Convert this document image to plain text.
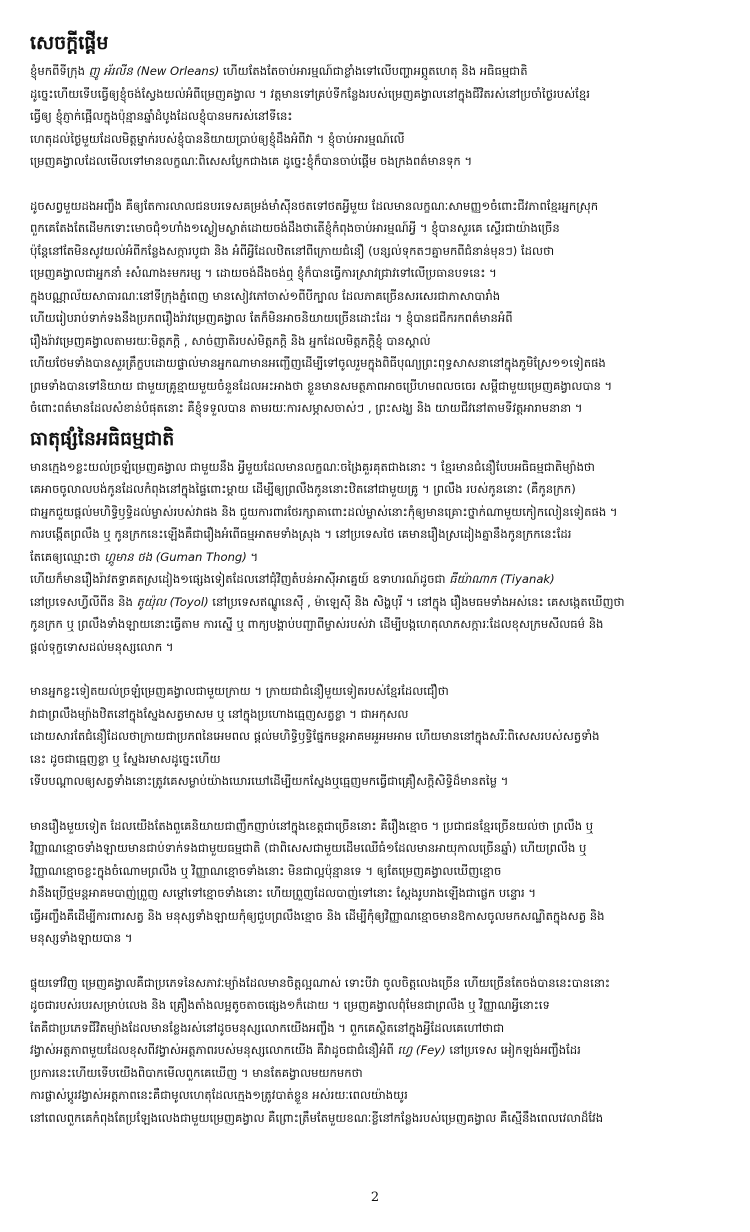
សេចក្ដីផ្ដើម
ខ្ញុំមកពីទីក្រុង ញូ អ័រលីន (New Orleans) ហើយតែងតែចាប់អារម្មណ៍ជាខ្លាំងទៅលើបញ្ហាអព្ភូតហេតុ និង អធិធម្មជាតិ
ដូច្នេះហើយទើបធ្វើឲ្យខ្ញុំចង់ស្វែងយល់អំពីម្រេញគង្វាល ។ វត្តមានទៅគ្រប់ទីកន្លែងរបស់ម្រេញគង្វាលនៅក្នុងជីវិតរស់នៅប្រចាំថ្ងៃរបស់ខ្មែរ
ធ្វើឲ្យ ខ្ញុំភ្ញាក់ផ្អើលក្នុងប៉ុន្មានឆ្នាំដំបូងដែលខ្ញុំបានមករស់នៅទីនេះ
ហេតុដល់ថ្ងៃមួយដែលមិត្តម្នាក់របស់ខ្ញុំបាននិយាយប្រាប់ឲ្យខ្ញុំដឹងអំពីវា ។ ខ្ញុំចាប់អារម្មណ៍លើ
ម្រេញគង្វាលដែលមើលទៅមានលក្ខណៈពិសេសប្លែកជាងគេ ដូច្នេះខ្ញុំក៏បានចាប់ផ្ដើម ចងក្រងពត៌មានទុក ។
ដូចសព្វមួយដងអញ្ចឹង គឺឲ្យតែការលាលជនបរទេសគម្រង់មាំសុីនថតទៅថតអ្វីមួយ ដែលមានលក្ខណៈសាមញ្ញ១ចំពោះជីវភាពខ្មែរអ្នកស្រុក
ពួកគេតែងតែដើមកទោះមោចជុំ១ហាំង១ស្ងៀមស្ងាត់ដោយចង់ដឹងថាតើខ្ញុំកំពុងចាប់អារម្មណ៍អ្វី ។ ខ្ញុំបានសួរគេ ស្ទើរជាយ៉ាងច្រើន
ប៉ុន្តែនៅតែមិនសូវយល់អំពីកន្លែងសក្ការបូជា និង អំពីអ្វីដែលឋិតនៅពីក្រោយជំនឿ (បន្សល់ទុកតៗគ្នាមកពីជំនាន់មុនៗ) ដែលថា
ម្រេញគង្វាលជាអ្នកនាំ ៖សំណាង៖មករម្ស ។ ដោយចង់ដឹងចង់ឮ ខ្ញុំក៏បានធ្វើការស្រាវជ្រាវទៅលើប្រធានបទនេះ ។
ក្នុងបណ្ណាល័យសាធារណៈនៅទីក្រុងភ្នំពេញ មានសៀវភៅចាស់១ពីបីក្បាល ដែលភាគច្រើនសរសេរជាភាសាបារាំង
ហើយរៀបរាប់ទាក់ទងនឹងប្រភពរឿងរ៉ាវម្រេញគង្វាល តែក៏មិនអាចនិយាយច្រើនដោះដែរ ។ ខ្ញុំបានជជីករកពត៌មានអំពី
រឿងរ៉ាវម្រេញគង្វាលតាមរយៈមិត្តភក្តិ , សាច់ញាតិរបស់មិត្តភក្តិ និង អ្នកដែលមិត្តភក្តិខ្ញុំ បានស្គាល់
ហើយថែមទាំងបានសួរត្រឹក្ខបដោយផ្ទាល់មានអ្នកណាមានអញ្ជើញដើម្បីទៅចូលរួមក្នុងពិធីបុណ្យព្រះពុទ្ធសាសនានៅក្នុងភូមិស្រែ១១ទៀតផង
ព្រមទាំងបានទៅនិយាយ ជាមួយគ្រូខ្មាយមួយចំនួនដែលអះអាងថា ខ្លួនមានសមត្ថភាពអាចប្រើហមពលចចេរ សម្ពីជាមួយម្រេញគង្វាលបាន ។
ចំពោះពត៌មានដែលសំខាន់បំផុតនោះ គឺខ្ញុំទទួលបាន តាមរយៈការសម្ភាសចាស់ៗ , ព្រះសង្ឃ និង យាយជីវនៅតាមទីវត្តអារាមនានា ។
ធាតុផ្សំនៃអធិធម្មជាតិ
មានក្មេង១ខ្លះយល់ច្រឡំម្រេញគង្វាល ជាមួយនឹង អ្វីមួយដែលមានលក្ខណៈចង្រៃគួរគុតជាងនោះ ។ ខ្មែរមានជំនឿបែបអធិធម្មជាតិម្យ៉ាងថា
គេអាចចូលាលបង់កូនដែលកំពុងនៅក្នុងផ្ទៃពោះម្ដាយ ដើម្បីឲ្យព្រលឹងកូននោះឋិតនៅជាមួយគ្រូ ។ ព្រលឹង របស់កូននោះ (គឺកូនក្រក)
ជាអ្នកជួយផ្ដល់មហិទ្ធិឫទ្ធិដល់ម្ចាស់របស់វាផង និង ជួយការពារថែរក្សាគាពោះដល់ម្ចាស់នោះកុំឲ្យមានគ្រោះថ្នាក់ណាមួយកៀកលៀនទៀតផង ។
ការបង្កើតព្រលឹង ឬ កូនក្រកនេះឡើងគឺជារឿងអំពើធម្មអាតមទាំងស្រុង ។ នៅប្រទេសថៃ គេមានរឿងស្រដៀងគ្នានឹងកូនក្រកនេះដែរ
តែគេឲ្យឈ្មោះថា ហ្គូមាន ថង (Guman Thong) ។
ហើយក៏មានរឿងរ៉ាវតទ្ធាគតស្រដៀង១ផ្សេងទៀតដែលនៅជុំវិញតំបន់អាស៊ីអាគ្នេយ៍ ឧទាហរណ៍ដូចជា ធីយ៉ាណាក (Tiyanak)
នៅប្រទេសហ្វីលីពីន និង តូយ៉ុល (Toyol) នៅប្រទេសឥណ្ឌូនេស៊ី , ម៉ាឡេស៊ី និង សិង្ហបុរី ។ នៅក្នុង រឿងមធមទាំងអស់នេះ គេសង្កេតឃើញថា
កូនក្រក ឬ ព្រលឹងទាំងឡាយនោះធ្វើតាម ការស្នើ ឬ ពាក្យបង្គាប់បញ្ជាពីម្ចាស់របស់វា ដើម្បីបង្កហេតុលាភសក្ការៈដែលខុសក្រមសីលធម៌ និង
ផ្ដល់ទុក្ខទោសដល់មនុស្សលោក ។
មានអ្នកខ្លះទៀតយល់ច្រឡំម្រេញគង្វាលជាមួយក្រាយ ។ ក្រាយជាជំនឿមួយទៀតរបស់ខ្មែរដែលជឿថា
វាជាព្រលឹងម្យ៉ាងឋិតនៅក្នុងស្នែងសត្វមាសម ឬ នៅក្នុងប្រហោងធ្មេញសត្វខ្លា ។ ជាអកុសល
ដោយសារតែជំនឿដែលថាក្រាយជាប្រភពនៃអេមពល ផ្ដល់មហិទ្ធិឫទ្ធិផ្នែកមន្តអាគមអួអមអាម ហើយមាននៅក្នុងសរីៈពិសេសរបស់សត្វទាំង
នេះ ដូចជាធ្មេញខ្លា ឬ ស្នែងរមាសដូច្នេះហើយ
ទើបបណ្ដាលឲ្យសត្វទាំងនោះត្រូវគេសម្លាប់យ៉ាងឃោរឃៅដើម្បីយកស្នែងឬធ្មេញមកធ្វើជាគ្រឿសក្តិសិទ្ធិដ៏មានតម្លៃ ។
មានរឿងមួយទៀត ដែលយើងតែងពួគេនិយាយជាញឹកញាប់នៅក្នុងខេត្តជាច្រើននោះ គឺរឿងខ្មោច ។ ប្រជាជនខ្មែរច្រើនយល់ថា ព្រលឹង ឬ
វិញ្ញាណខ្មោចទាំងឡាយមានជាប់ទាក់ទងជាមួយធម្មជាតិ (ជាពិសេសជាមួយដើមឈើធំ១ដែលមានអាយុកាលច្រើនឆ្នាំ) ហើយព្រលឹង ឬ
វិញ្ញាណខ្មោចខ្លះក្នុងចំណោមព្រលឹង ឬ វិញ្ញាណខ្មោចទាំងនោះ មិនជាល្អប៉ុន្មានទេ ។ ឲ្យតែម្រេញគង្វាលឃើញខ្មោច
វានឹងប្រើថ្មមន្តអាគមបាញ់ព្រួញ សម្ដៅទៅខ្មោចទាំងនោះ ហើយព្រួញដែលបាញ់ទៅនោះ ស្ដែងរូបរាងឡើងជាផ្លេក បន្ទោរ ។
ធ្វើអញ្ចឹងគឺដើម្បីការពារសត្វ និង មនុស្សទាំងឡាយកុំឲ្យជួបព្រលឹងខ្មោច និង ដើម្បីកុំឲ្យវិញ្ញាណខ្មោចមានឱកាសចូលមកសណ្ឋិតក្នុងសត្វ និង
មនុស្សទាំងឡាយបាន ។
ផ្ទុយទៅវិញ ម្រេញគង្វាលគឺជាប្រភេទនៃសភាវៈម្យ៉ាងដែលមានចិត្តល្អណាស់ ទោះបីវា ចូលចិត្តលេងច្រើន ហើយច្រើនតែចង់បាននេះបាននោះ
ដូចជារបស់របរសម្រាប់លេង និង គ្រឿងតាំងលម្អតូចតាចផ្សេង១ក៏ដោយ ។ ម្រេញគង្វាលពុំមែនជាព្រលឹង ឬ វិញ្ញាណអ្វីនោះទេ
តែគឺជាប្រភេទជីវិតម្យ៉ាងដែលមានខ្លែងរស់នៅដូចមនុស្សលោកយើងអញ្ចឹង ។ ពួកគេស្ថិតនៅក្នុងអ្វីដែលគេហៅថាជា
វង្វាស់អត្តភាពមួយដែលខុសពីវង្វាស់អត្តភាពរបស់មនុស្សលោកយើង គឺវាដូចជាជំនឿអំពី ហ្វេ (Fey) នៅប្រទេស អៀកឡង់អញ្ចឹងដែរ
ប្រការនេះហើយទើបយើងពិបាកមើលពួកគេឃើញ ។ មានតែគង្វាលមយកមកថា
ការផ្លាស់ប្ដូរវង្វាស់អត្តភាពនេះគឺជាមូលហេតុដែលក្មេង១ត្រូវបាត់ខ្លួន អស់រយៈពេលយ៉ាងយូរ
នៅពេលពួកគេកំពុងតែប្រឡែងលេងជាមួយម្រេញគង្វាល គឺព្រោះត្រឹមតែមួយខណៈខ្លីនៅកន្លែងរបស់ម្រេញគង្វាល គឺស្មើនឹងពេលវេលាដ៏វែង
2
